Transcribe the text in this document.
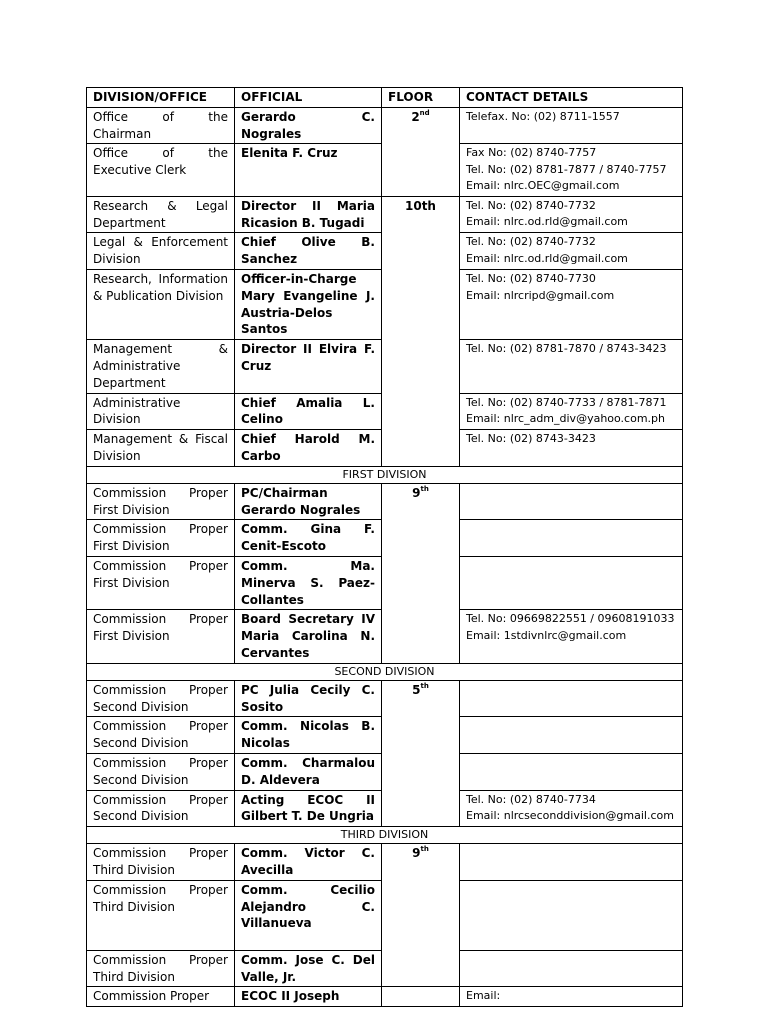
DIVISION/OFFICE	OFFICIAL	FLOOR	CONTACT DETAILS
Office of the Chairman	Gerardo C. Nograles	2nd	Telefax. No: (02) 8711-1557

Office of the Executive Clerk	Elenita F. Cruz		Fax No: (02) 8740-7757
Tel. No: (02) 8781-7877 / 8740-7757
Email: nlrc.OEC@gmail.com

Research & Legal Department	Director II Maria Ricasion B. Tugadi	10th	Tel. No: (02) 8740-7732
Email: nlrc.od.rld@gmail.com

Legal & Enforcement Division	Chief Olive B. Sanchez		Tel. No: (02) 8740-7732
Email: nlrc.od.rld@gmail.com

Research, Information & Publication Division	Officer-in-Charge Mary Evangeline J. Austria-Delos Santos		Tel. No: (02) 8740-7730
Email: nlrcripd@gmail.com

Management & Administrative Department	Director II Elvira F. Cruz		Tel. No: (02) 8781-7870 / 8743-3423

Administrative Division	Chief Amalia L. Celino		Tel. No: (02) 8740-7733 / 8781-7871
Email: nlrc_adm_div@yahoo.com.ph

Management & Fiscal Division	Chief Harold M. Carbo		Tel. No: (02) 8743-3423

FIRST DIVISION			
Commission Proper First Division	PC/Chairman Gerardo Nograles	9th	
Commission Proper First Division	Comm. Gina F. Cenit-Escoto		
Commission Proper First Division	Comm. Ma. Minerva S. Paez-Collantes		
Commission Proper First Division	Board Secretary IV Maria Carolina N. Cervantes		Tel. No: 09669822551 / 09608191033
Email: 1stdivnlrc@gmail.com

SECOND DIVISION			
Commission Proper Second Division	PC Julia Cecily C. Sosito	5th	
Commission Proper Second Division	Comm. Nicolas B. Nicolas		
Commission Proper Second Division	Comm. Charmalou D. Aldevera		
Commission Proper Second Division	Acting ECOC II Gilbert T. De Ungria		Tel. No: (02) 8740-7734
Email: nlrcseconddivision@gmail.com

THIRD DIVISION			
Commission Proper Third Division	Comm. Victor C. Avecilla	9th	
Commission Proper Third Division	Comm. Cecilio Alejandro C. Villanueva		
Commission Proper Third Division	Comm. Jose C. Del Valle, Jr.		
Commission Proper	ECOC II Joseph		Email:
